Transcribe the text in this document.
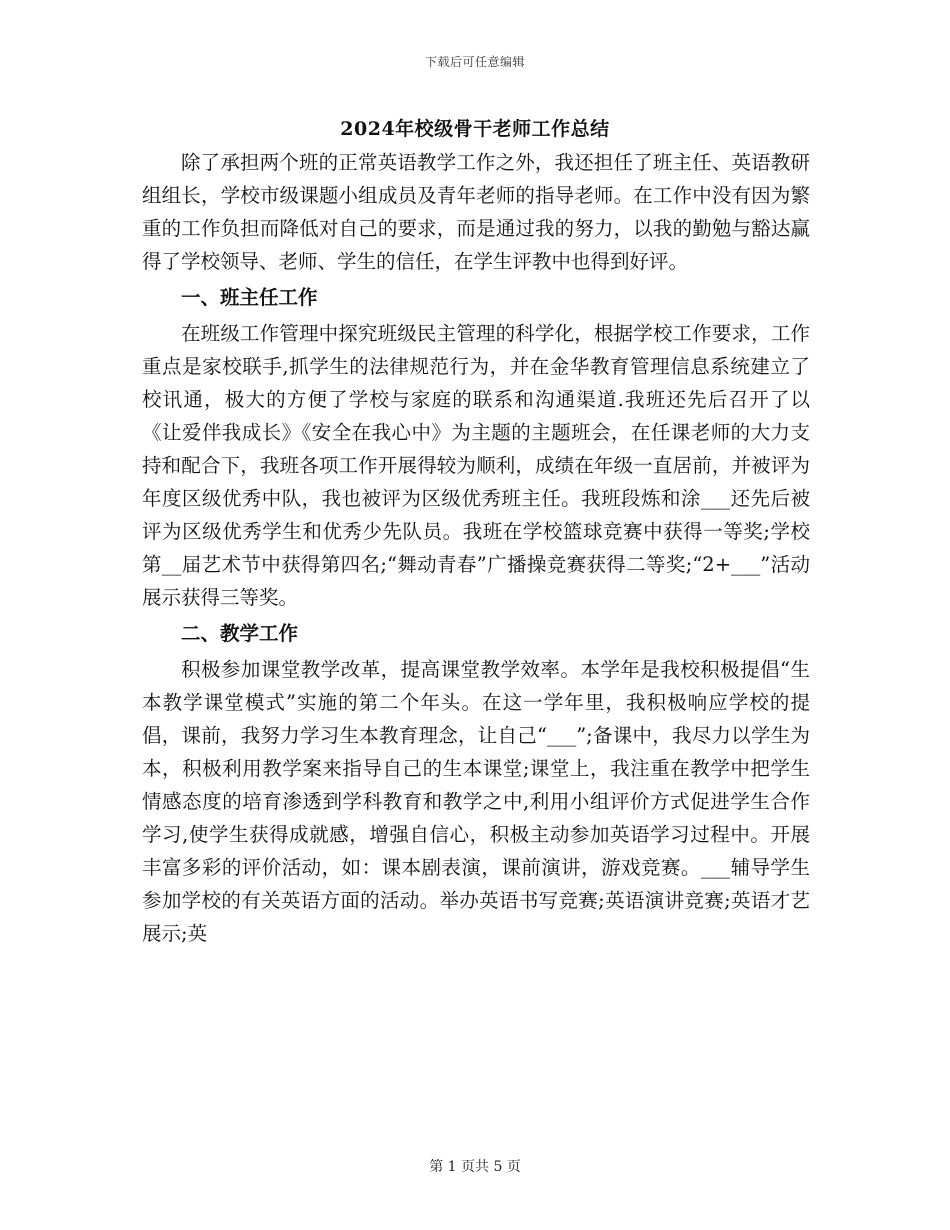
下载后可任意编辑
2024年校级骨干老师工作总结

除了承担两个班的正常英语教学工作之外，我还担任了班主任、英语教研组组长，学校市级课题小组成员及青年老师的指导老师。在工作中没有因为繁重的工作负担而降低对自己的要求，而是通过我的努力，以我的勤勉与豁达赢得了学校领导、老师、学生的信任，在学生评教中也得到好评。

一、班主任工作

在班级工作管理中探究班级民主管理的科学化，根据学校工作要求，工作重点是家校联手,抓学生的法律规范行为，并在金华教育管理信息系统建立了校讯通，极大的方便了学校与家庭的联系和沟通渠道.我班还先后召开了以《让爱伴我成长》《安全在我心中》为主题的主题班会，在任课老师的大力支持和配合下，我班各项工作开展得较为顺利，成绩在年级一直居前，并被评为年度区级优秀中队，我也被评为区级优秀班主任。我班段炼和涂___还先后被评为区级优秀学生和优秀少先队员。我班在学校篮球竞赛中获得一等奖;学校第__届艺术节中获得第四名;“舞动青春”广播操竞赛获得二等奖;“2+___”活动展示获得三等奖。

二、教学工作

积极参加课堂教学改革，提高课堂教学效率。本学年是我校积极提倡“生本教学课堂模式”实施的第二个年头。在这一学年里，我积极响应学校的提倡，课前，我努力学习生本教育理念，让自己“___”;备课中，我尽力以学生为本，积极利用教学案来指导自己的生本课堂;课堂上，我注重在教学中把学生情感态度的培育渗透到学科教育和教学之中,利用小组评价方式促进学生合作学习,使学生获得成就感，增强自信心，积极主动参加英语学习过程中。开展丰富多彩的评价活动，如：课本剧表演，课前演讲，游戏竞赛。___辅导学生参加学校的有关英语方面的活动。举办英语书写竞赛;英语演讲竞赛;英语才艺展示;英

第 1 页共 5 页
